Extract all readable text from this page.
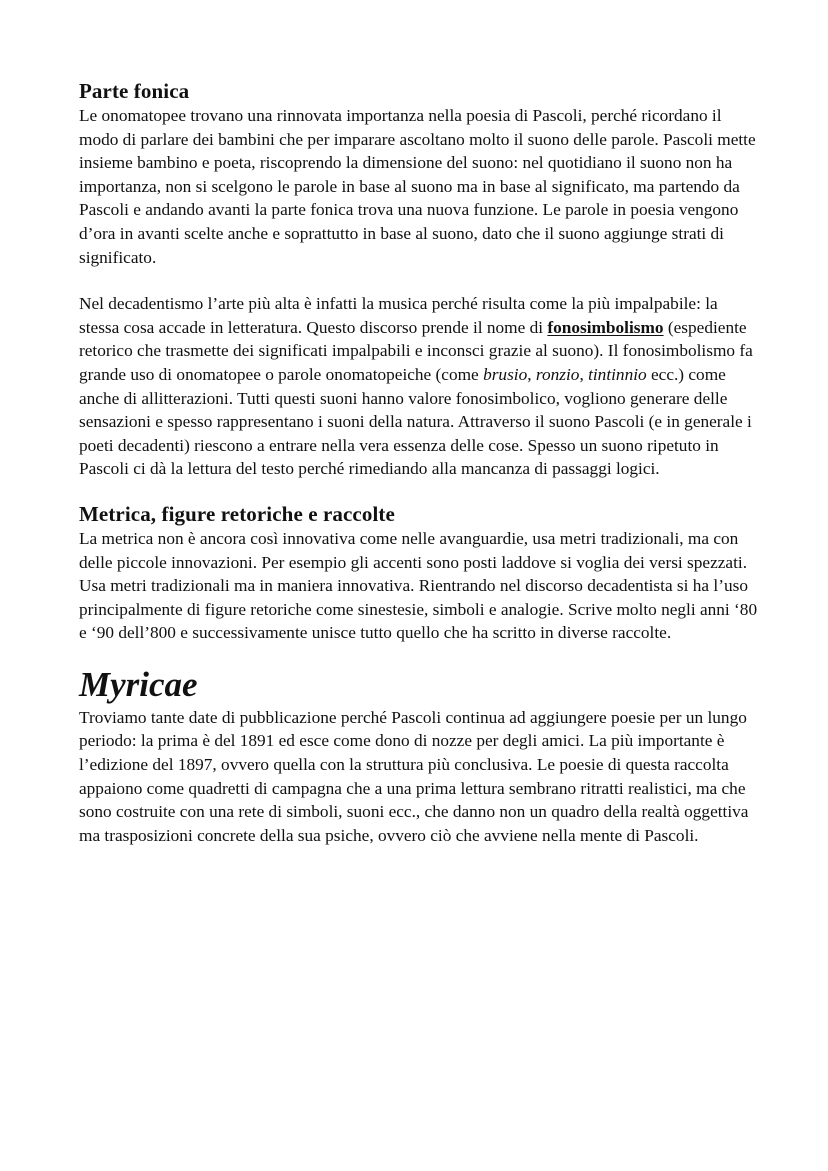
Parte fonica

Le onomatopee trovano una rinnovata importanza nella poesia di Pascoli, perché ricordano il modo di parlare dei bambini che per imparare ascoltano molto il suono delle parole. Pascoli mette insieme bambino e poeta, riscoprendo la dimensione del suono: nel quotidiano il suono non ha importanza, non si scelgono le parole in base al suono ma in base al significato, ma partendo da Pascoli e andando avanti la parte fonica trova una nuova funzione. Le parole in poesia vengono d’ora in avanti scelte anche e soprattutto in base al suono, dato che il suono aggiunge strati di significato.

Nel decadentismo l’arte più alta è infatti la musica perché risulta come la più impalpabile: la stessa cosa accade in letteratura. Questo discorso prende il nome di fonosimbolismo (espediente retorico che trasmette dei significati impalpabili e inconsci grazie al suono). Il fonosimbolismo fa grande uso di onomatopee o parole onomatopeiche (come brusio, ronzio, tintinnio ecc.) come anche di allitterazioni. Tutti questi suoni hanno valore fonosimbolico, vogliono generare delle sensazioni e spesso rappresentano i suoni della natura. Attraverso il suono Pascoli (e in generale i poeti decadenti) riescono a entrare nella vera essenza delle cose. Spesso un suono ripetuto in Pascoli ci dà la lettura del testo perché rimediando alla mancanza di passaggi logici.

Metrica, figure retoriche e raccolte

La metrica non è ancora così innovativa come nelle avanguardie, usa metri tradizionali, ma con delle piccole innovazioni. Per esempio gli accenti sono posti laddove si voglia dei versi spezzati. Usa metri tradizionali ma in maniera innovativa. Rientrando nel discorso decadentista si ha l’uso principalmente di figure retoriche come sinestesie, simboli e analogie. Scrive molto negli anni ‘80 e ‘90 dell’800 e successivamente unisce tutto quello che ha scritto in diverse raccolte.

Myricae

Troviamo tante date di pubblicazione perché Pascoli continua ad aggiungere poesie per un lungo periodo: la prima è del 1891 ed esce come dono di nozze per degli amici. La più importante è l’edizione del 1897, ovvero quella con la struttura più conclusiva. Le poesie di questa raccolta appaiono come quadretti di campagna che a una prima lettura sembrano ritratti realistici, ma che sono costruite con una rete di simboli, suoni ecc., che danno non un quadro della realtà oggettiva ma trasposizioni concrete della sua psiche, ovvero ciò che avviene nella mente di Pascoli.
